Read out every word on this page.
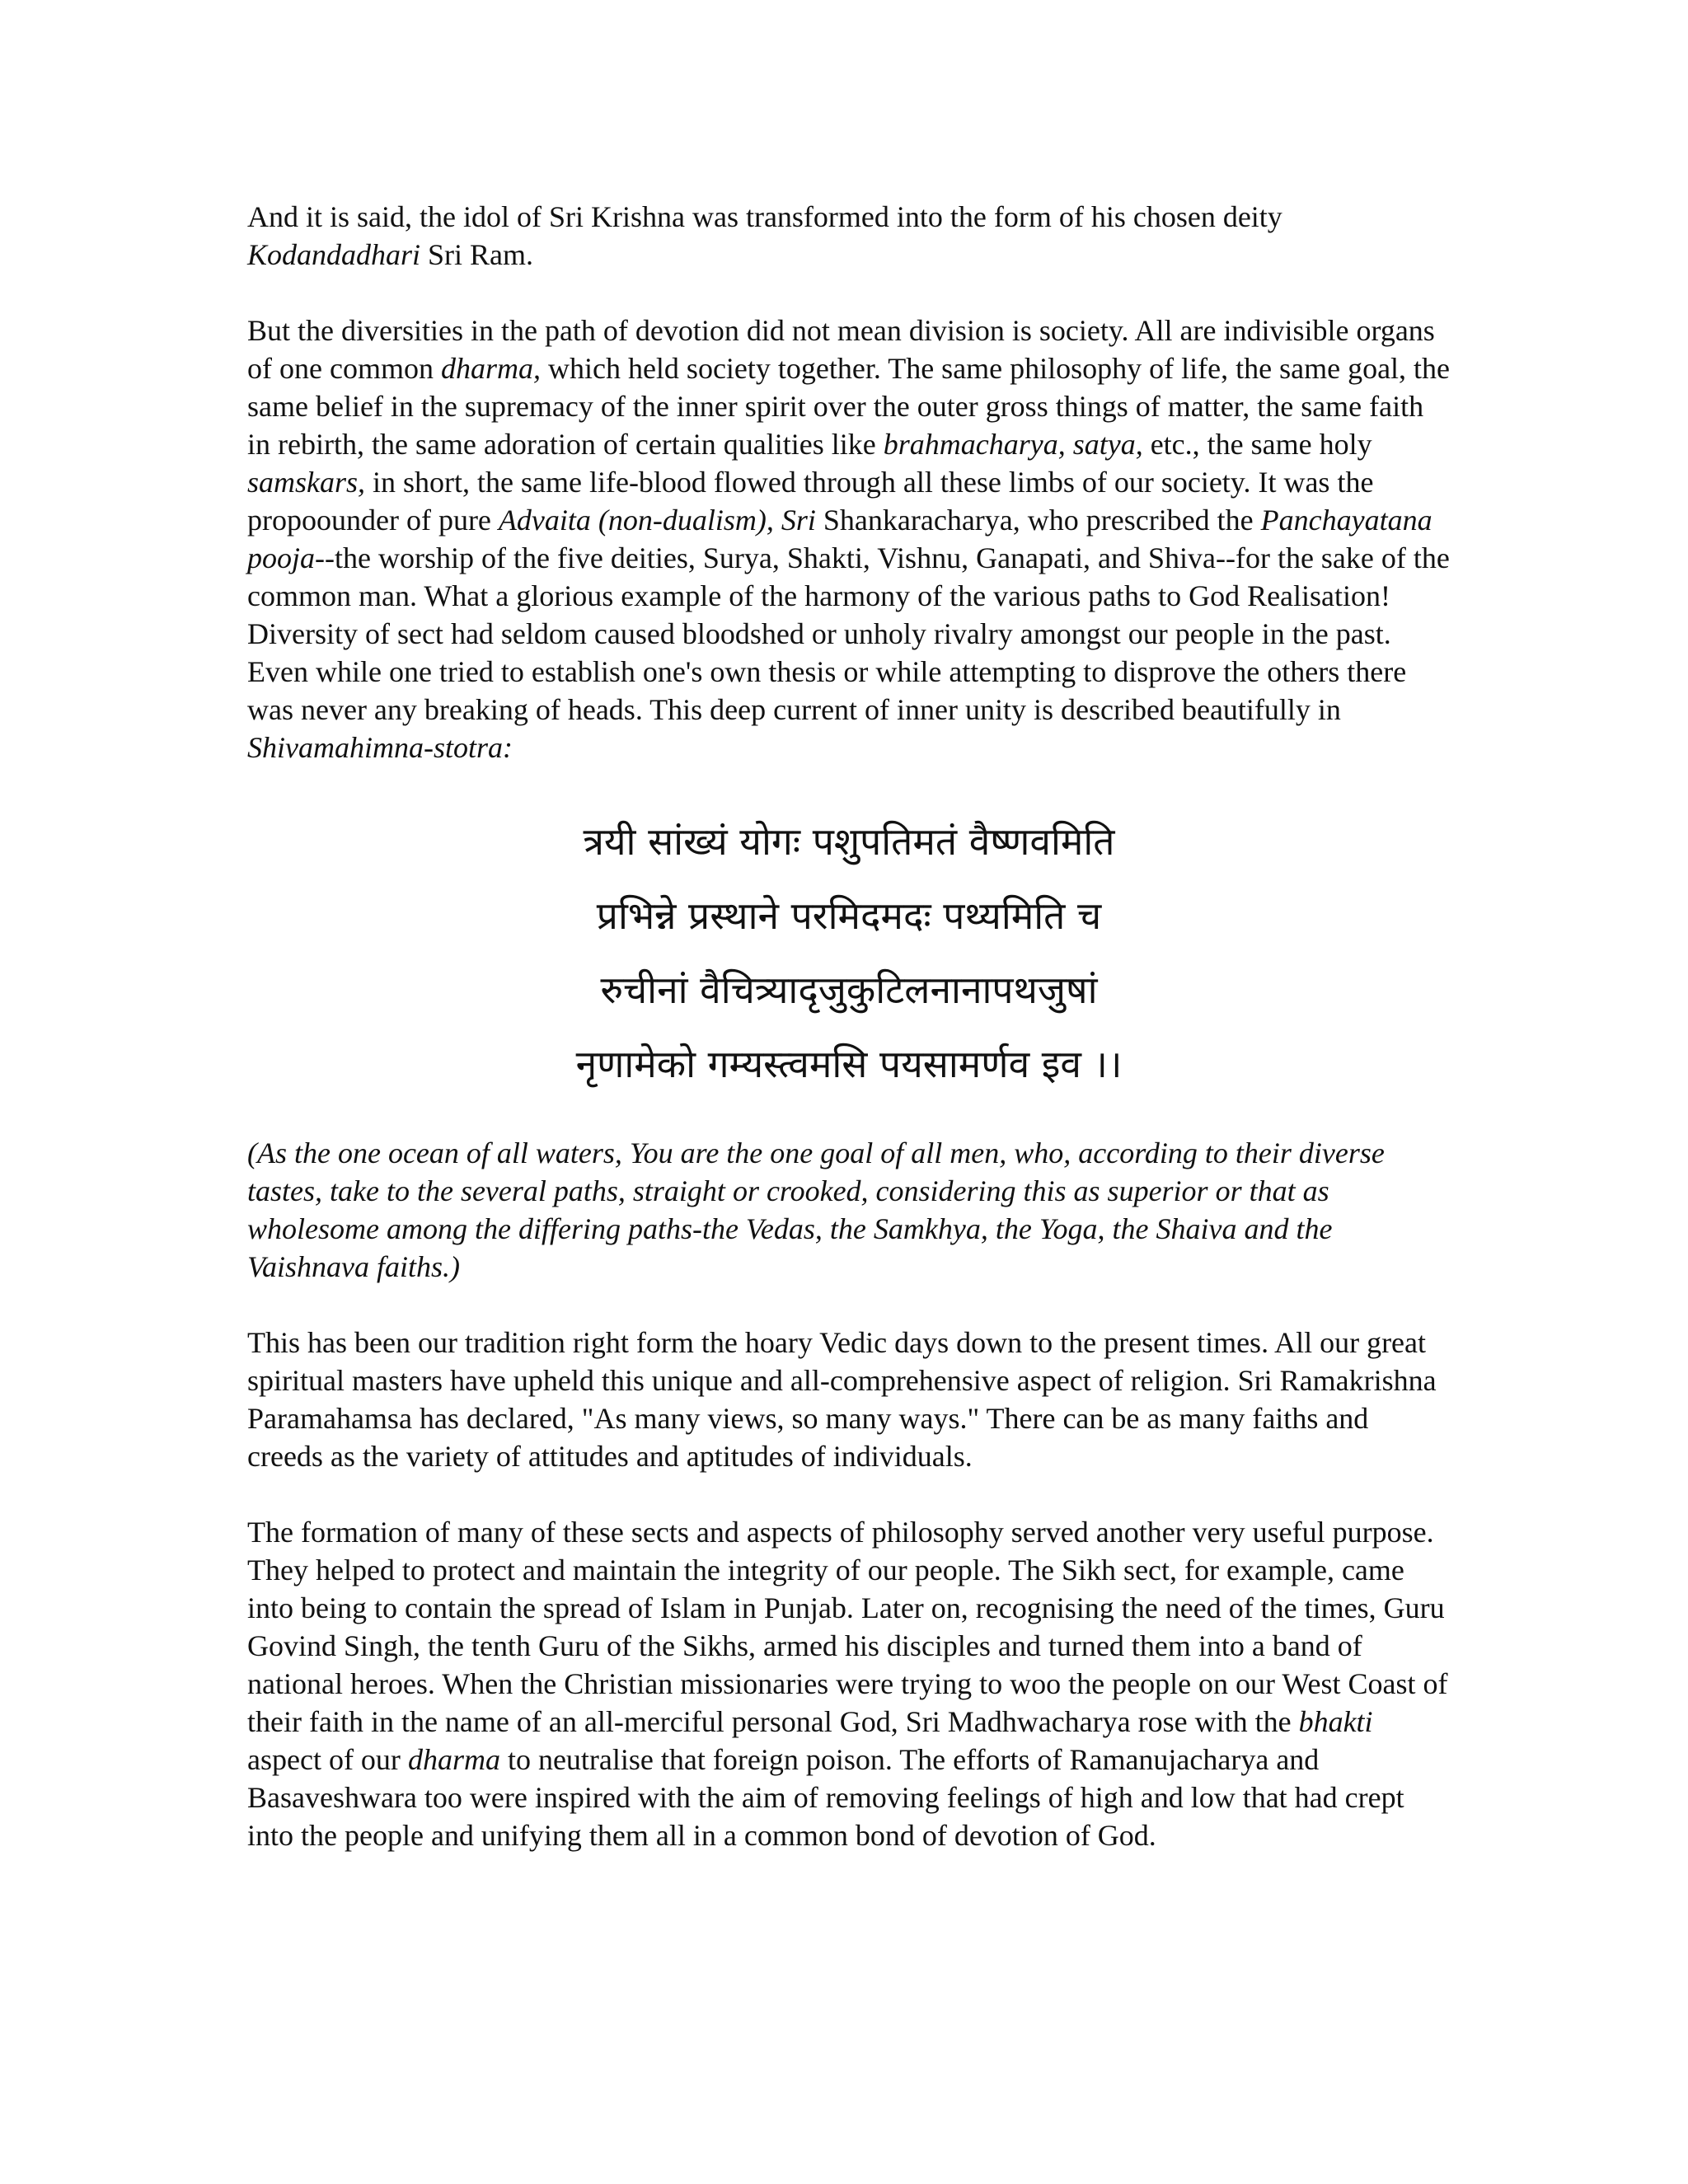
And it is said, the idol of Sri Krishna was transformed into the form of his chosen deity Kodandadhari Sri Ram.

But the diversities in the path of devotion did not mean division is society. All are indivisible organs of one common dharma, which held society together. The same philosophy of life, the same goal, the same belief in the supremacy of the inner spirit over the outer gross things of matter, the same faith in rebirth, the same adoration of certain qualities like brahmacharya, satya, etc., the same holy samskars, in short, the same life-blood flowed through all these limbs of our society. It was the propoounder of pure Advaita (non-dualism), Sri Shankaracharya, who prescribed the Panchayatana pooja--the worship of the five deities, Surya, Shakti, Vishnu, Ganapati, and Shiva--for the sake of the common man. What a glorious example of the harmony of the various paths to God Realisation! Diversity of sect had seldom caused bloodshed or unholy rivalry amongst our people in the past. Even while one tried to establish one's own thesis or while attempting to disprove the others there was never any breaking of heads. This deep current of inner unity is described beautifully in Shivamahimna-stotra:

त्रयी सांख्यं योगः पशुपतिमतं वैष्णवमिति
प्रभिन्ने प्रस्थाने परमिदमदः पथ्यमिति च
रुचीनां वैचित्र्यादृजुकुटिलनानापथजुषां
नृणामेको गम्यस्त्वमसि पयसामर्णव इव ।।

(As the one ocean of all waters, You are the one goal of all men, who, according to their diverse tastes, take to the several paths, straight or crooked, considering this as superior or that as wholesome among the differing paths-the Vedas, the Samkhya, the Yoga, the Shaiva and the Vaishnava faiths.)

This has been our tradition right form the hoary Vedic days down to the present times. All our great spiritual masters have upheld this unique and all-comprehensive aspect of religion. Sri Ramakrishna Paramahamsa has declared, "As many views, so many ways." There can be as many faiths and creeds as the variety of attitudes and aptitudes of individuals.

The formation of many of these sects and aspects of philosophy served another very useful purpose. They helped to protect and maintain the integrity of our people. The Sikh sect, for example, came into being to contain the spread of Islam in Punjab. Later on, recognising the need of the times, Guru Govind Singh, the tenth Guru of the Sikhs, armed his disciples and turned them into a band of national heroes. When the Christian missionaries were trying to woo the people on our West Coast of their faith in the name of an all-merciful personal God, Sri Madhwacharya rose with the bhakti aspect of our dharma to neutralise that foreign poison. The efforts of Ramanujacharya and Basaveshwara too were inspired with the aim of removing feelings of high and low that had crept into the people and unifying them all in a common bond of devotion of God.
